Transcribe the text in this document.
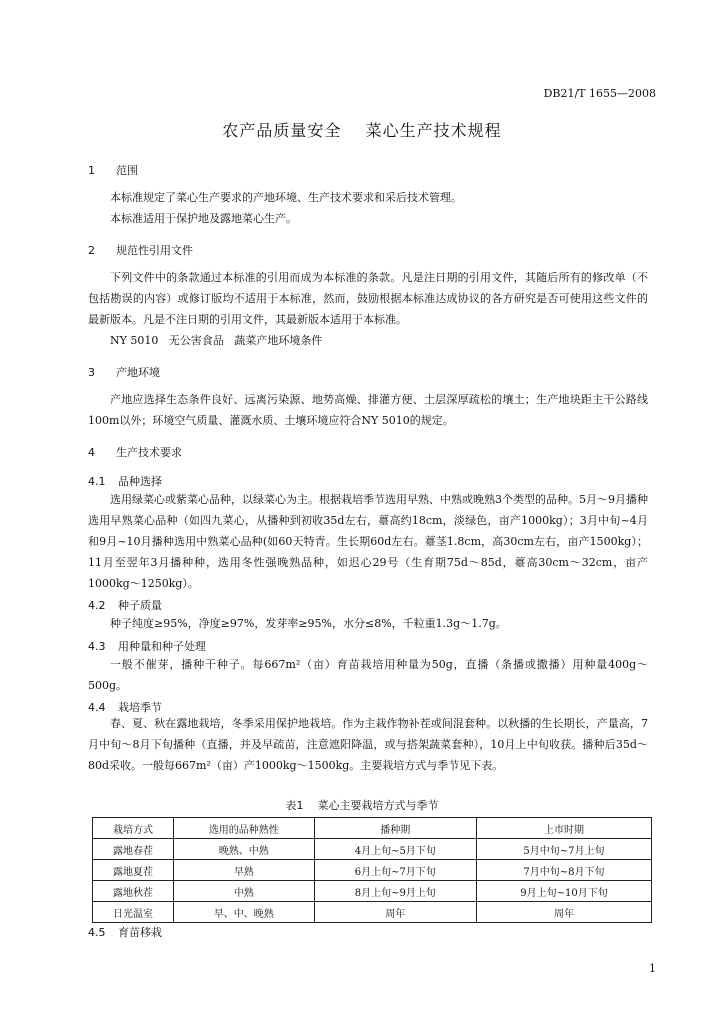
DB21/T 1655—2008
农产品质量安全    菜心生产技术规程
1 范围
本标准规定了菜心生产要求的产地环境、生产技术要求和采后技术管理。
本标准适用于保护地及露地菜心生产。
2 规范性引用文件
下列文件中的条款通过本标准的引用而成为本标准的条款。凡是注日期的引用文件，其随后所有的修改单（不包括勘误的内容）或修订版均不适用于本标准，然而，鼓励根据本标准达成协议的各方研究是否可使用这些文件的最新版本。凡是不注日期的引用文件，其最新版本适用于本标准。
NY 5010   无公害食品   蔬菜产地环境条件
3 产地环境
产地应选择生态条件良好、远离污染源、地势高燥、排灌方便、土层深厚疏松的壤土；生产地块距主干公路线100m以外；环境空气质量、灌溉水质、土壤环境应符合NY 5010的规定。
4 生产技术要求
4.1 品种选择
选用绿菜心或紫菜心品种，以绿菜心为主。根据栽培季节选用早熟、中熟或晚熟3个类型的品种。5月～9月播种选用早熟菜心品种（如四九菜心，从播种到初收35d左右，薹高约18cm，淡绿色，亩产1000kg）；3月中旬~4月和9月~10月播种选用中熟菜心品种(如60天特青。生长期60d左右。薹茎1.8cm，高30cm左右，亩产1500kg）；11月至翌年3月播种种，选用冬性强晚熟品种，如迟心29号（生育期75d～85d，薹高30cm～32cm，亩产1000kg～1250kg）。
4.2 种子质量
种子纯度≥95%，净度≥97%，发芽率≥95%，水分≤8%，千粒重1.3g～1.7g。
4.3 用种量和种子处理
一般不催芽，播种干种子。每667m²（亩）育苗栽培用种量为50g，直播（条播或撒播）用种量400g～500g。
4.4 栽培季节
春、夏、秋在露地栽培，冬季采用保护地栽培。作为主栽作物补茬或间混套种。以秋播的生长期长，产量高，7月中旬～8月下旬播种（直播，并及早疏苗，注意遮阳降温，或与搭架蔬菜套种），10月上中旬收获。播种后35d～80d采收。一般每667m²（亩）产1000kg～1500kg。主要栽培方式与季节见下表。
表1    菜心主要栽培方式与季节
栽培方式	选用的品种熟性	播种期	上市时期
露地春茬	晚熟、中熟	4月上旬~5月下旬	5月中旬~7月上旬
露地夏茬	早熟	6月上旬~7月下旬	7月中旬~8月下旬
露地秋茬	中熟	8月上旬~9月上旬	9月上旬~10月下旬
日光温室	早、中、晚熟	周年	周年
4.5 育苗移栽
1
